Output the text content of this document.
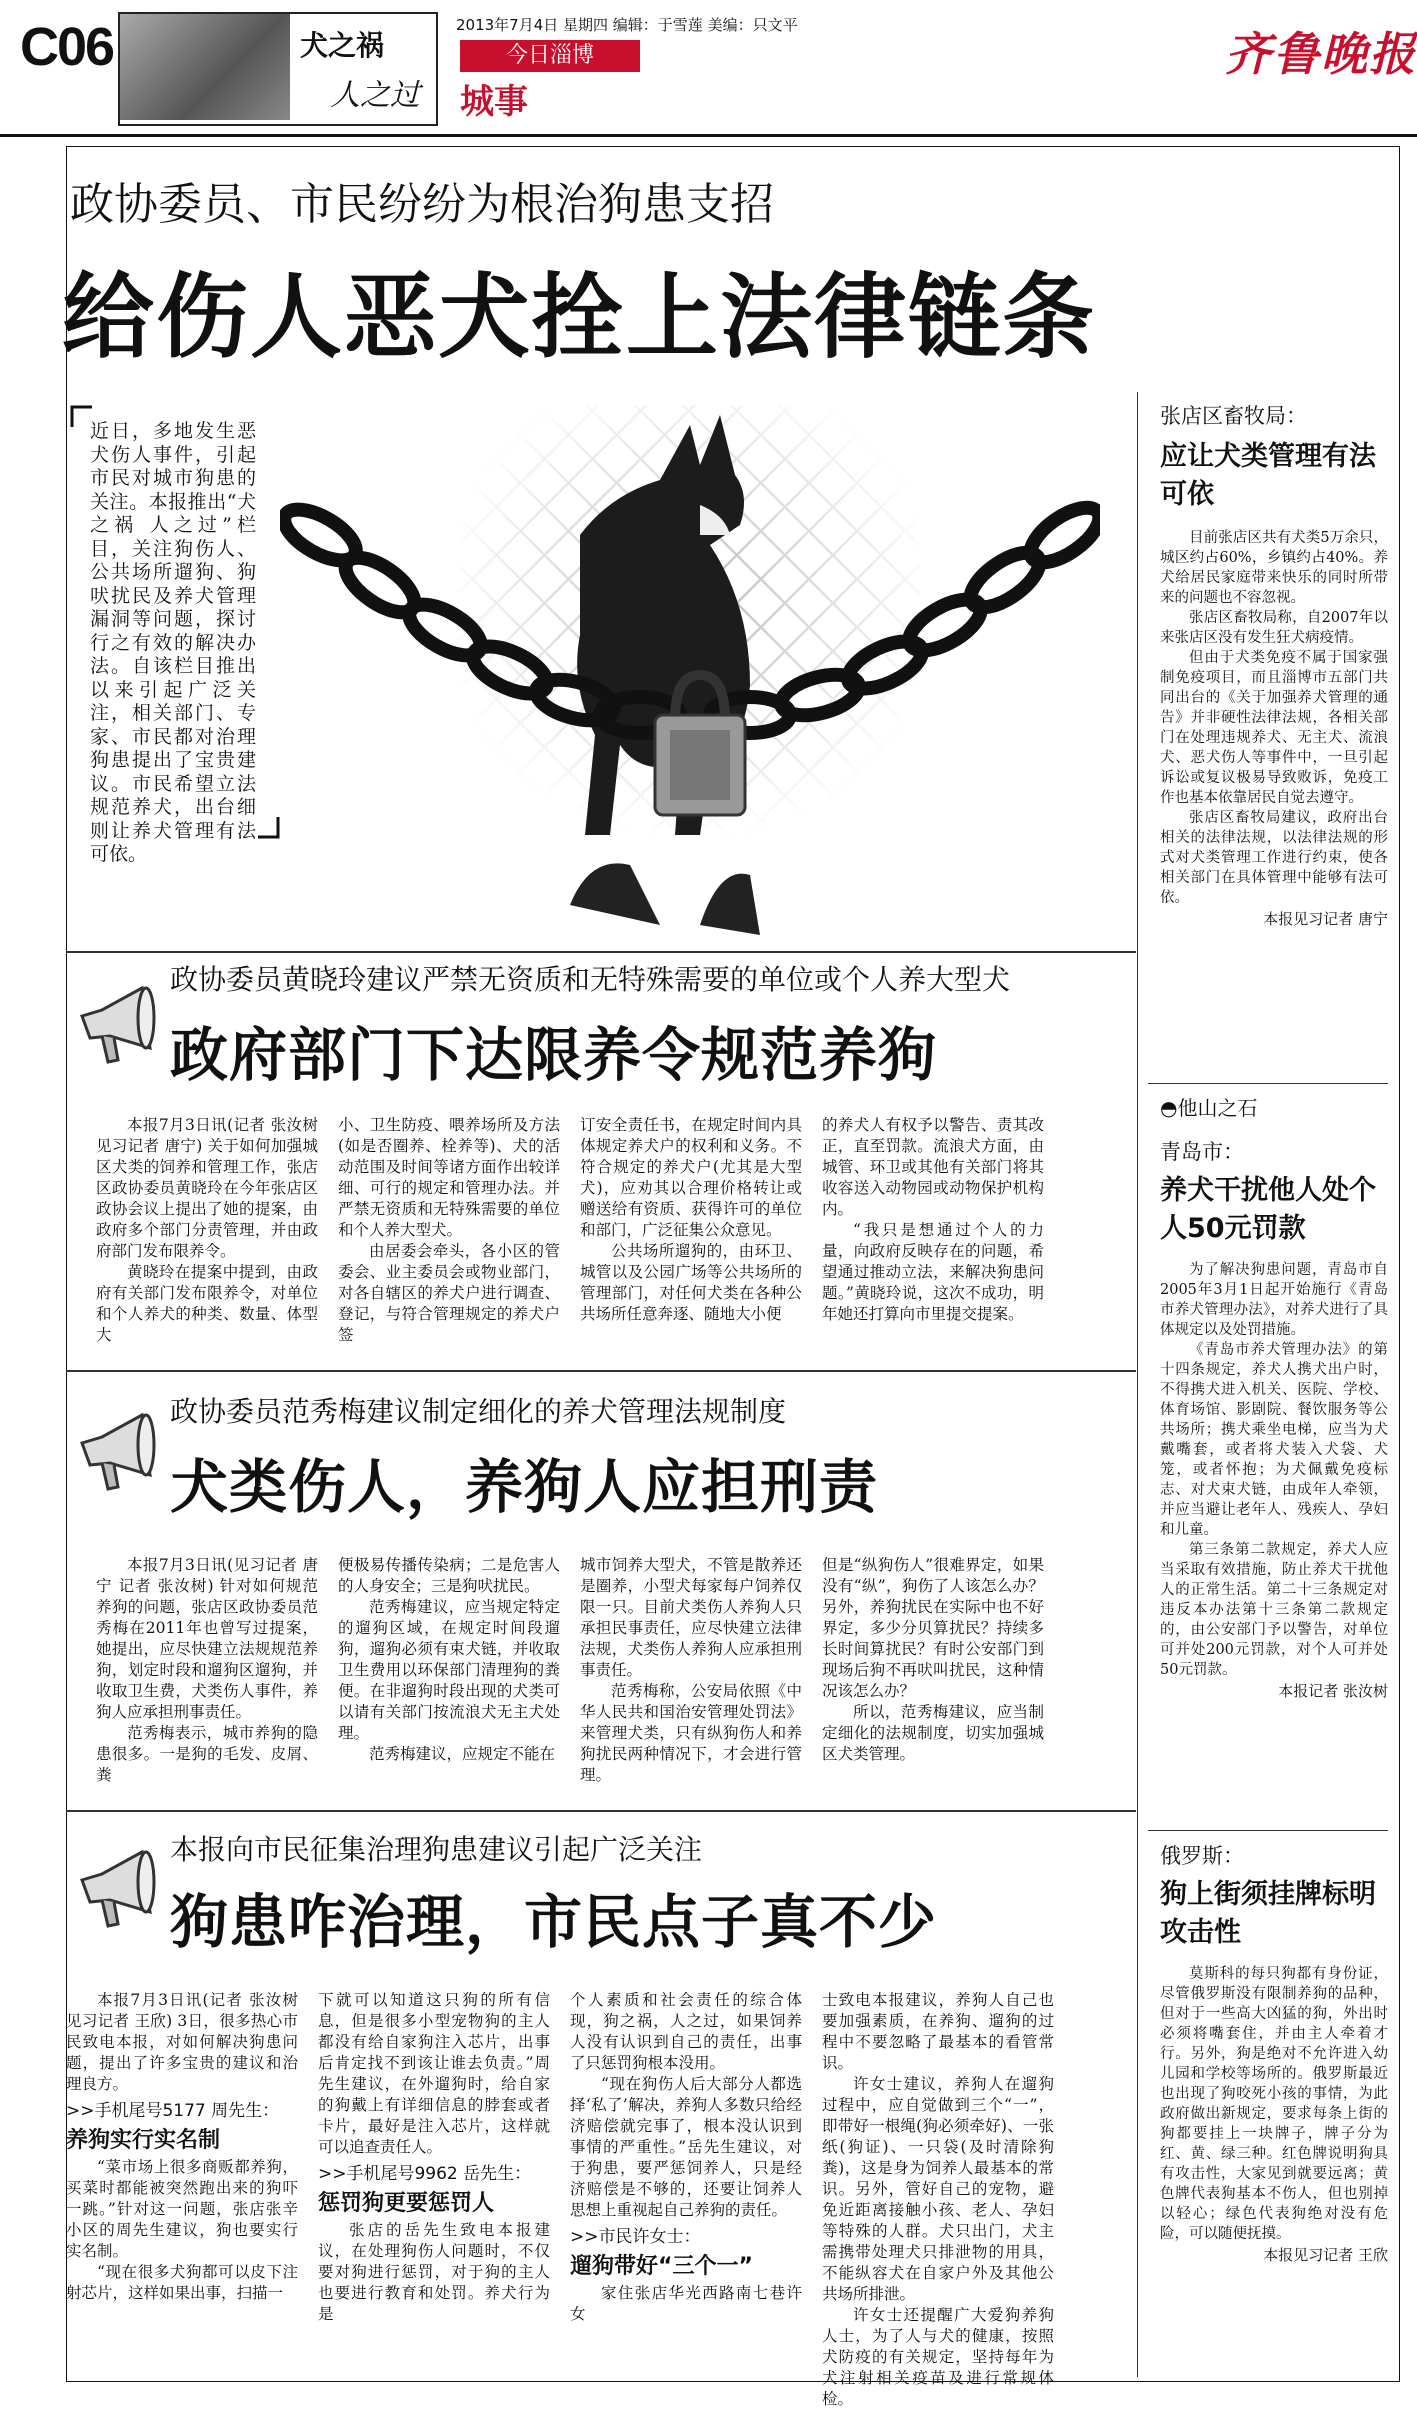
C06	犬之祸
人之过
2013年7月4日 星期四 编辑：于雪莲 美编：只文平
今日淄博
城事
齐鲁晚报
政协委员、市民纷纷为根治狗患支招
给伤人恶犬拴上法律链条
近日，多地发生恶犬伤人事件，引起市民对城市狗患的关注。本报推出“犬之祸 人之过”栏目，关注狗伤人、公共场所遛狗、狗吠扰民及养犬管理漏洞等问题，探讨行之有效的解决办法。自该栏目推出以来引起广泛关注，相关部门、专家、市民都对治理狗患提出了宝贵建议。市民希望立法规范养犬，出台细则让养犬管理有法可依。
政协委员黄晓玲建议严禁无资质和无特殊需要的单位或个人养大型犬
政府部门下达限养令规范养狗

本报7月3日讯(记者 张汝树 见习记者 唐宁) 关于如何加强城区犬类的饲养和管理工作，张店区政协委员黄晓玲在今年张店区政协会议上提出了她的提案，由政府多个部门分责管理，并由政府部门发布限养令。

黄晓玲在提案中提到，由政府有关部门发布限养令，对单位和个人养犬的种类、数量、体型大

小、卫生防疫、喂养场所及方法(如是否圈养、栓养等)、犬的活动范围及时间等诸方面作出较详细、可行的规定和管理办法。并严禁无资质和无特殊需要的单位和个人养大型犬。

由居委会牵头，各小区的管委会、业主委员会或物业部门，对各自辖区的养犬户进行调查、登记，与符合管理规定的养犬户签

订安全责任书，在规定时间内具体规定养犬户的权利和义务。不符合规定的养犬户(尤其是大型犬)，应劝其以合理价格转让或赠送给有资质、获得许可的单位和部门，广泛征集公众意见。

公共场所遛狗的，由环卫、城管以及公园广场等公共场所的管理部门，对任何犬类在各种公共场所任意奔逐、随地大小便

的养犬人有权予以警告、责其改正，直至罚款。流浪犬方面，由城管、环卫或其他有关部门将其收容送入动物园或动物保护机构内。

“我只是想通过个人的力量，向政府反映存在的问题，希望通过推动立法，来解决狗患问题。”黄晓玲说，这次不成功，明年她还打算向市里提交提案。

政协委员范秀梅建议制定细化的养犬管理法规制度
犬类伤人，养狗人应担刑责

本报7月3日讯(见习记者 唐宁 记者 张汝树) 针对如何规范养狗的问题，张店区政协委员范秀梅在2011年也曾写过提案，她提出，应尽快建立法规规范养狗，划定时段和遛狗区遛狗，并收取卫生费，犬类伤人事件，养狗人应承担刑事责任。

范秀梅表示，城市养狗的隐患很多。一是狗的毛发、皮屑、粪

便极易传播传染病；二是危害人的人身安全；三是狗吠扰民。

范秀梅建议，应当规定特定的遛狗区域，在规定时间段遛狗，遛狗必须有束犬链，并收取卫生费用以环保部门清理狗的粪便。在非遛狗时段出现的犬类可以请有关部门按流浪犬无主犬处理。

范秀梅建议，应规定不能在

城市饲养大型犬，不管是散养还是圈养，小型犬每家每户饲养仅限一只。目前犬类伤人养狗人只承担民事责任，应尽快建立法律法规，犬类伤人养狗人应承担刑事责任。

范秀梅称，公安局依照《中华人民共和国治安管理处罚法》来管理犬类，只有纵狗伤人和养狗扰民两种情况下，才会进行管理。

但是“纵狗伤人”很难界定，如果没有“纵”，狗伤了人该怎么办？另外，养狗扰民在实际中也不好界定，多少分贝算扰民？持续多长时间算扰民？有时公安部门到现场后狗不再吠叫扰民，这种情况该怎么办？

所以，范秀梅建议，应当制定细化的法规制度，切实加强城区犬类管理。

本报向市民征集治理狗患建议引起广泛关注
狗患咋治理，市民点子真不少

本报7月3日讯(记者 张汝树 见习记者 王欣) 3日，很多热心市民致电本报，对如何解决狗患问题，提出了许多宝贵的建议和治理良方。

>>手机尾号5177 周先生：

养狗实行实名制

“菜市场上很多商贩都养狗，买菜时都能被突然跑出来的狗吓一跳。”针对这一问题，张店张辛小区的周先生建议，狗也要实行实名制。

“现在很多犬狗都可以皮下注射芯片，这样如果出事，扫描一

下就可以知道这只狗的所有信息，但是很多小型宠物狗的主人都没有给自家狗注入芯片，出事后肯定找不到该让谁去负责。”周先生建议，在外遛狗时，给自家的狗戴上有详细信息的脖套或者卡片，最好是注入芯片，这样就可以追查责任人。

>>手机尾号9962 岳先生：

惩罚狗更要惩罚人

张店的岳先生致电本报建议，在处理狗伤人问题时，不仅要对狗进行惩罚，对于狗的主人也要进行教育和处罚。养犬行为是

个人素质和社会责任的综合体现，狗之祸，人之过，如果饲养人没有认识到自己的责任，出事了只惩罚狗根本没用。

“现在狗伤人后大部分人都选择‘私了’解决，养狗人多数只给经济赔偿就完事了，根本没认识到事情的严重性。”岳先生建议，对于狗患，要严惩饲养人，只是经济赔偿是不够的，还要让饲养人思想上重视起自己养狗的责任。

>>市民许女士：

遛狗带好“三个一”

家住张店华光西路南七巷许女

士致电本报建议，养狗人自己也要加强素质，在养狗、遛狗的过程中不要忽略了最基本的看管常识。

许女士建议，养狗人在遛狗过程中，应自觉做到三个“一”，即带好一根绳(狗必须牵好)、一张纸(狗证)、一只袋(及时清除狗粪)，这是身为饲养人最基本的常识。另外，管好自己的宠物，避免近距离接触小孩、老人、孕妇等特殊的人群。犬只出门，犬主需携带处理犬只排泄物的用具，不能纵容犬在自家户外及其他公共场所排泄。

许女士还提醒广大爱狗养狗人士，为了人与犬的健康，按照犬防疫的有关规定，坚持每年为犬注射相关疫苗及进行常规体检。

张店区畜牧局：
应让犬类管理有法可依

目前张店区共有犬类5万余只，城区约占60%，乡镇约占40%。养犬给居民家庭带来快乐的同时所带来的问题也不容忽视。

张店区畜牧局称，自2007年以来张店区没有发生狂犬病疫情。

但由于犬类免疫不属于国家强制免疫项目，而且淄博市五部门共同出台的《关于加强养犬管理的通告》并非硬性法律法规，各相关部门在处理违规养犬、无主犬、流浪犬、恶犬伤人等事件中，一旦引起诉讼或复议极易导致败诉，免疫工作也基本依靠居民自觉去遵守。

张店区畜牧局建议，政府出台相关的法律法规，以法律法规的形式对犬类管理工作进行约束，使各相关部门在具体管理中能够有法可依。

本报见习记者 唐宁
◓他山之石
青岛市：
养犬干扰他人处个人50元罚款

为了解决狗患问题，青岛市自2005年3月1日起开始施行《青岛市养犬管理办法》，对养犬进行了具体规定以及处罚措施。

《青岛市养犬管理办法》的第十四条规定，养犬人携犬出户时，不得携犬进入机关、医院、学校、体育场馆、影剧院、餐饮服务等公共场所；携犬乘坐电梯，应当为犬戴嘴套，或者将犬装入犬袋、犬笼，或者怀抱；为犬佩戴免疫标志、对犬束犬链，由成年人牵领，并应当避让老年人、残疾人、孕妇和儿童。

第三条第二款规定，养犬人应当采取有效措施，防止养犬干扰他人的正常生活。第二十三条规定对违反本办法第十三条第二款规定的，由公安部门予以警告，对单位可并处200元罚款，对个人可并处50元罚款。

本报记者 张汝树
俄罗斯：
狗上街须挂牌标明攻击性

莫斯科的每只狗都有身份证，尽管俄罗斯没有限制养狗的品种，但对于一些高大凶猛的狗，外出时必须将嘴套住，并由主人牵着才行。另外，狗是绝对不允许进入幼儿园和学校等场所的。俄罗斯最近也出现了狗咬死小孩的事情，为此政府做出新规定，要求每条上街的狗都要挂上一块牌子，牌子分为红、黄、绿三种。红色牌说明狗具有攻击性，大家见到就要远离；黄色牌代表狗基本不伤人，但也别掉以轻心；绿色代表狗绝对没有危险，可以随便抚摸。

本报见习记者 王欣
